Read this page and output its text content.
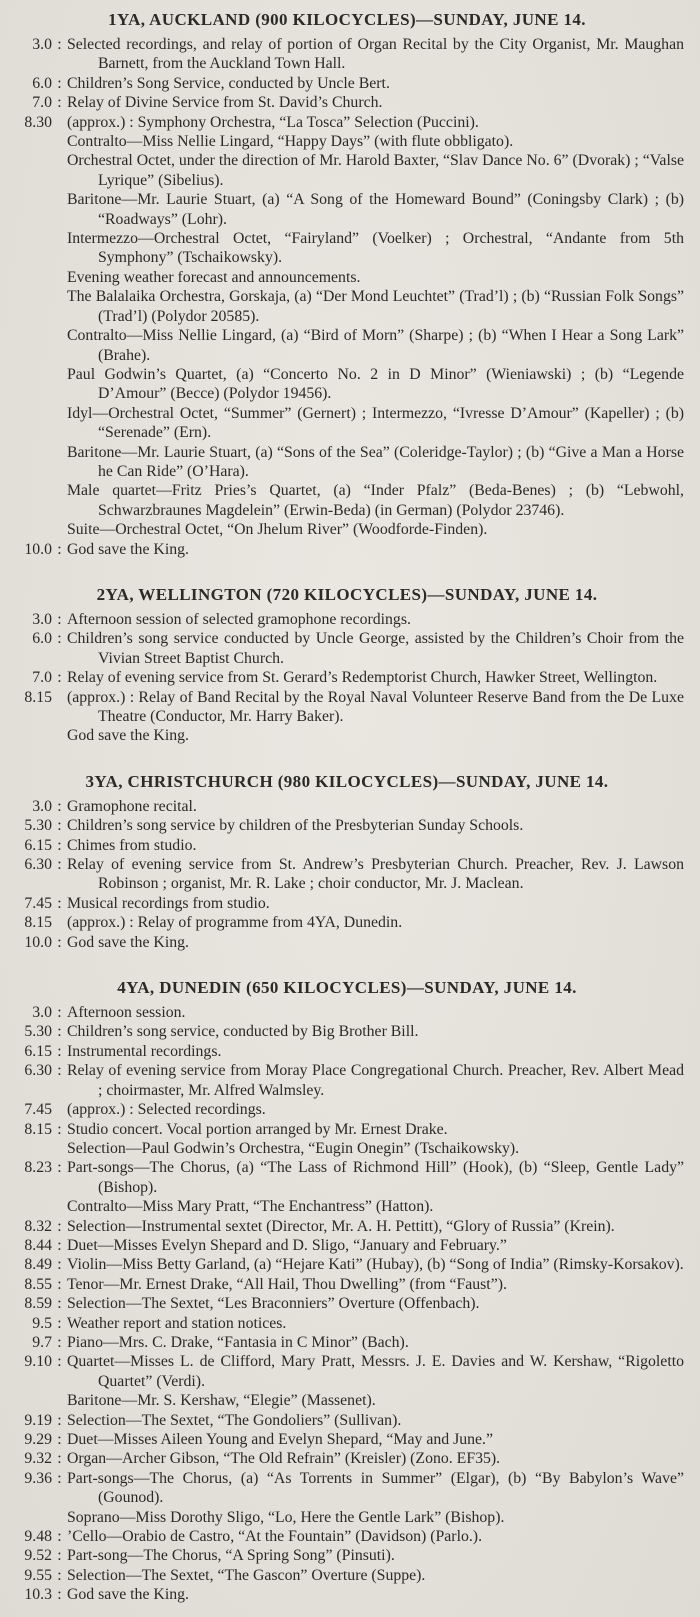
1YA, AUCKLAND (900 KILOCYCLES)—SUNDAY, JUNE 14.
3.0 : Selected recordings, and relay of portion of Organ Recital by the City Organist, Mr. Maughan Barnett, from the Auckland Town Hall.
6.0 : Children’s Song Service, conducted by Uncle Bert.
7.0 : Relay of Divine Service from St. David’s Church.
8.30 (approx.) : Symphony Orchestra, “La Tosca” Selection (Puccini).
Contralto—Miss Nellie Lingard, “Happy Days” (with flute obbligato).
Orchestral Octet, under the direction of Mr. Harold Baxter, “Slav Dance No. 6” (Dvorak) ; “Valse Lyrique” (Sibelius).
Baritone—Mr. Laurie Stuart, (a) “A Song of the Homeward Bound” (Coningsby Clark) ; (b) “Roadways” (Lohr).
Intermezzo—Orchestral Octet, “Fairyland” (Voelker) ; Orchestral, “Andante from 5th Symphony” (Tschaikowsky).
Evening weather forecast and announcements.
The Balalaika Orchestra, Gorskaja, (a) “Der Mond Leuchtet” (Trad’l) ; (b) “Russian Folk Songs” (Trad’l) (Polydor 20585).
Contralto—Miss Nellie Lingard, (a) “Bird of Morn” (Sharpe) ; (b) “When I Hear a Song Lark” (Brahe).
Paul Godwin’s Quartet, (a) “Concerto No. 2 in D Minor” (Wieniawski) ; (b) “Legende D’Amour” (Becce) (Polydor 19456).
Idyl—Orchestral Octet, “Summer” (Gernert) ; Intermezzo, “Ivresse D’Amour” (Kapeller) ; (b) “Serenade” (Ern).
Baritone—Mr. Laurie Stuart, (a) “Sons of the Sea” (Coleridge-Taylor) ; (b) “Give a Man a Horse he Can Ride” (O’Hara).
Male quartet—Fritz Pries’s Quartet, (a) “Inder Pfalz” (Beda-Benes) ; (b) “Lebwohl, Schwarzbraunes Magdelein” (Erwin-Beda) (in German) (Polydor 23746).
Suite—Orchestral Octet, “On Jhelum River” (Woodforde-Finden).
10.0 : God save the King.
2YA, WELLINGTON (720 KILOCYCLES)—SUNDAY, JUNE 14.
3.0 : Afternoon session of selected gramophone recordings.
6.0 : Children’s song service conducted by Uncle George, assisted by the Children’s Choir from the Vivian Street Baptist Church.
7.0 : Relay of evening service from St. Gerard’s Redemptorist Church, Hawker Street, Wellington.
8.15 (approx.) : Relay of Band Recital by the Royal Naval Volunteer Reserve Band from the De Luxe Theatre (Conductor, Mr. Harry Baker).
God save the King.
3YA, CHRISTCHURCH (980 KILOCYCLES)—SUNDAY, JUNE 14.
3.0 : Gramophone recital.
5.30 : Children’s song service by children of the Presbyterian Sunday Schools.
6.15 : Chimes from studio.
6.30 : Relay of evening service from St. Andrew’s Presbyterian Church. Preacher, Rev. J. Lawson Robinson ; organist, Mr. R. Lake ; choir conductor, Mr. J. Maclean.
7.45 : Musical recordings from studio.
8.15 (approx.) : Relay of programme from 4YA, Dunedin.
10.0 : God save the King.
4YA, DUNEDIN (650 KILOCYCLES)—SUNDAY, JUNE 14.
3.0 : Afternoon session.
5.30 : Children’s song service, conducted by Big Brother Bill.
6.15 : Instrumental recordings.
6.30 : Relay of evening service from Moray Place Congregational Church. Preacher, Rev. Albert Mead ; choirmaster, Mr. Alfred Walmsley.
7.45 (approx.) : Selected recordings.
8.15 : Studio concert. Vocal portion arranged by Mr. Ernest Drake.
Selection—Paul Godwin’s Orchestra, “Eugin Onegin” (Tschaikowsky).
8.23 : Part-songs—The Chorus, (a) “The Lass of Richmond Hill” (Hook), (b) “Sleep, Gentle Lady” (Bishop).
Contralto—Miss Mary Pratt, “The Enchantress” (Hatton).
8.32 : Selection—Instrumental sextet (Director, Mr. A. H. Pettitt), “Glory of Russia” (Krein).
8.44 : Duet—Misses Evelyn Shepard and D. Sligo, “January and February.”
8.49 : Violin—Miss Betty Garland, (a) “Hejare Kati” (Hubay), (b) “Song of India” (Rimsky-Korsakov).
8.55 : Tenor—Mr. Ernest Drake, “All Hail, Thou Dwelling” (from “Faust”).
8.59 : Selection—The Sextet, “Les Braconniers” Overture (Offenbach).
9.5 : Weather report and station notices.
9.7 : Piano—Mrs. C. Drake, “Fantasia in C Minor” (Bach).
9.10 : Quartet—Misses L. de Clifford, Mary Pratt, Messrs. J. E. Davies and W. Kershaw, “Rigoletto Quartet” (Verdi).
Baritone—Mr. S. Kershaw, “Elegie” (Massenet).
9.19 : Selection—The Sextet, “The Gondoliers” (Sullivan).
9.29 : Duet—Misses Aileen Young and Evelyn Shepard, “May and June.”
9.32 : Organ—Archer Gibson, “The Old Refrain” (Kreisler) (Zono. EF35).
9.36 : Part-songs—The Chorus, (a) “As Torrents in Summer” (Elgar), (b) “By Babylon’s Wave” (Gounod).
Soprano—Miss Dorothy Sligo, “Lo, Here the Gentle Lark” (Bishop).
9.48 : ’Cello—Orabio de Castro, “At the Fountain” (Davidson) (Parlo.).
9.52 : Part-song—The Chorus, “A Spring Song” (Pinsuti).
9.55 : Selection—The Sextet, “The Gascon” Overture (Suppe).
10.3 : God save the King.
